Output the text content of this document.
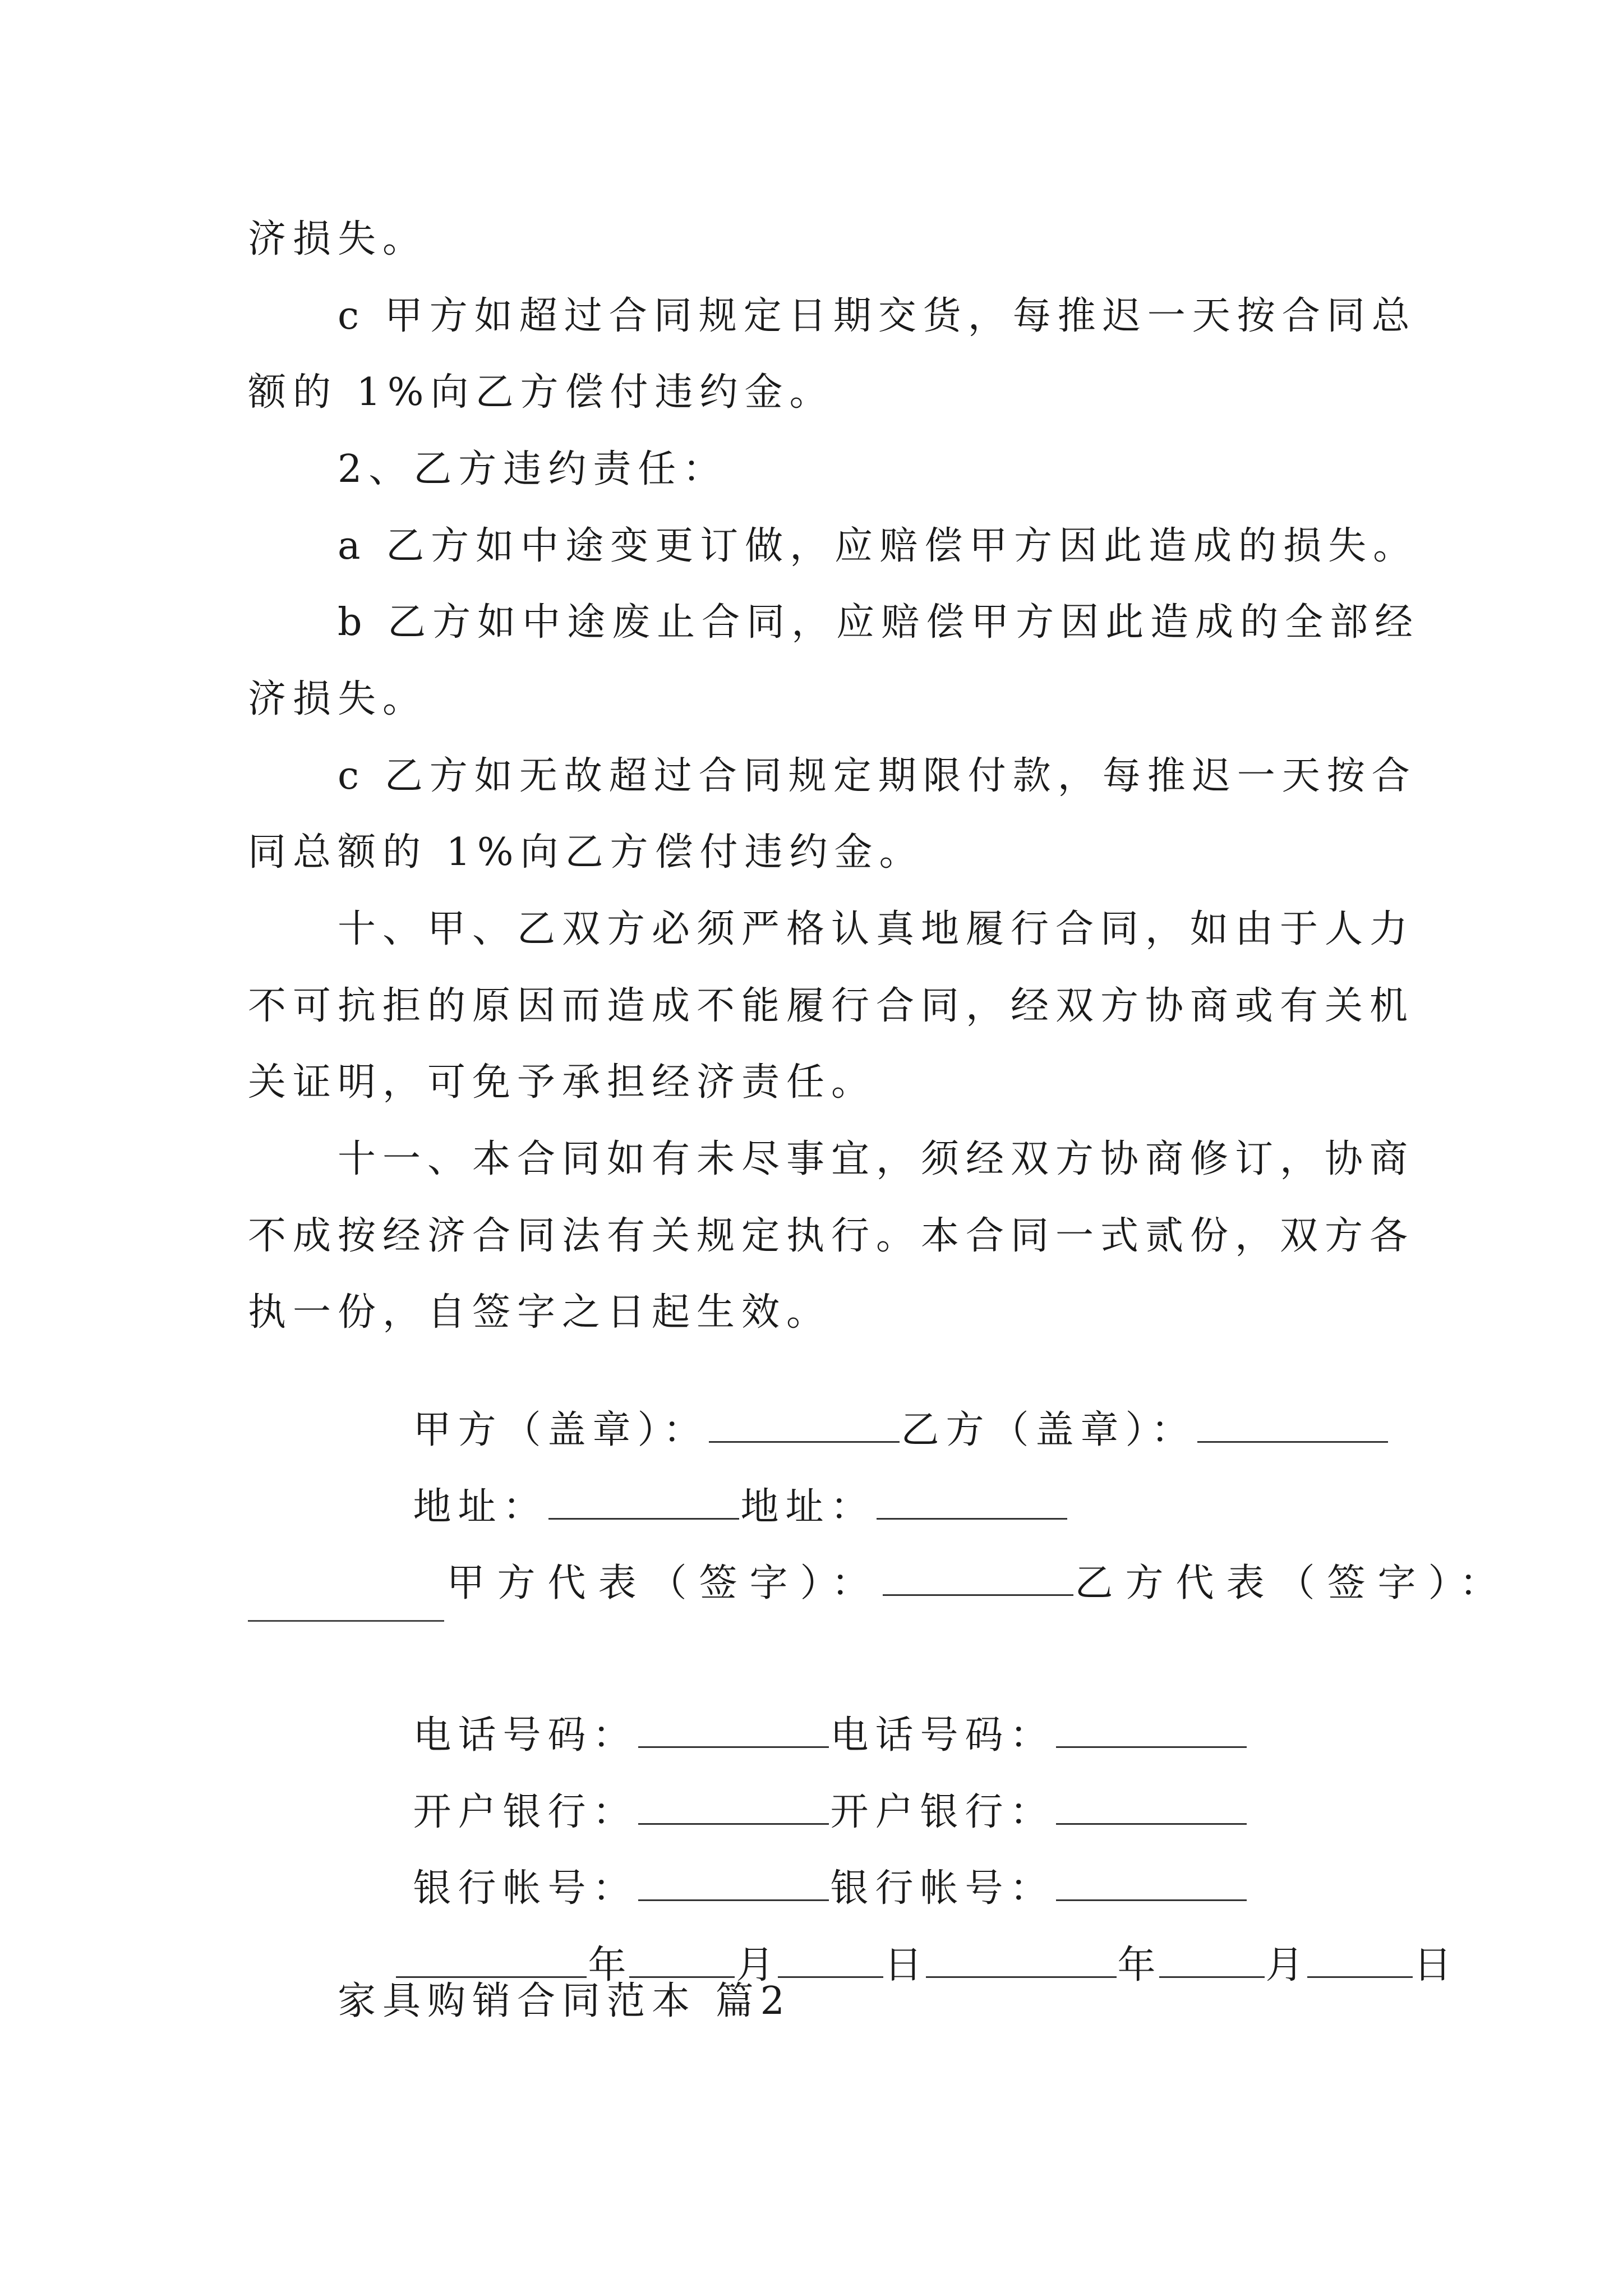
济损失。
c 甲方如超过合同规定日期交货，每推迟一天按合同总
额的 1%向乙方偿付违约金。
2、乙方违约责任：
a 乙方如中途变更订做，应赔偿甲方因此造成的损失。
b 乙方如中途废止合同，应赔偿甲方因此造成的全部经
济损失。
c 乙方如无故超过合同规定期限付款，每推迟一天按合
同总额的 1%向乙方偿付违约金。
十、甲、乙双方必须严格认真地履行合同，如由于人力
不可抗拒的原因而造成不能履行合同，经双方协商或有关机
关证明，可免予承担经济责任。
十一、本合同如有未尽事宜，须经双方协商修订，协商
不成按经济合同法有关规定执行。本合同一式贰份，双方各
执一份，自签字之日起生效。

甲方（盖章）：	乙方（盖章）：

地址：	地址：

甲方代表（签字）：	乙方代表（签字）：

电话号码：	电话号码：

开户银行：	开户银行：

银行帐号：	银行帐号：

年	月	日	年	月	日

家具购销合同范本 篇2
